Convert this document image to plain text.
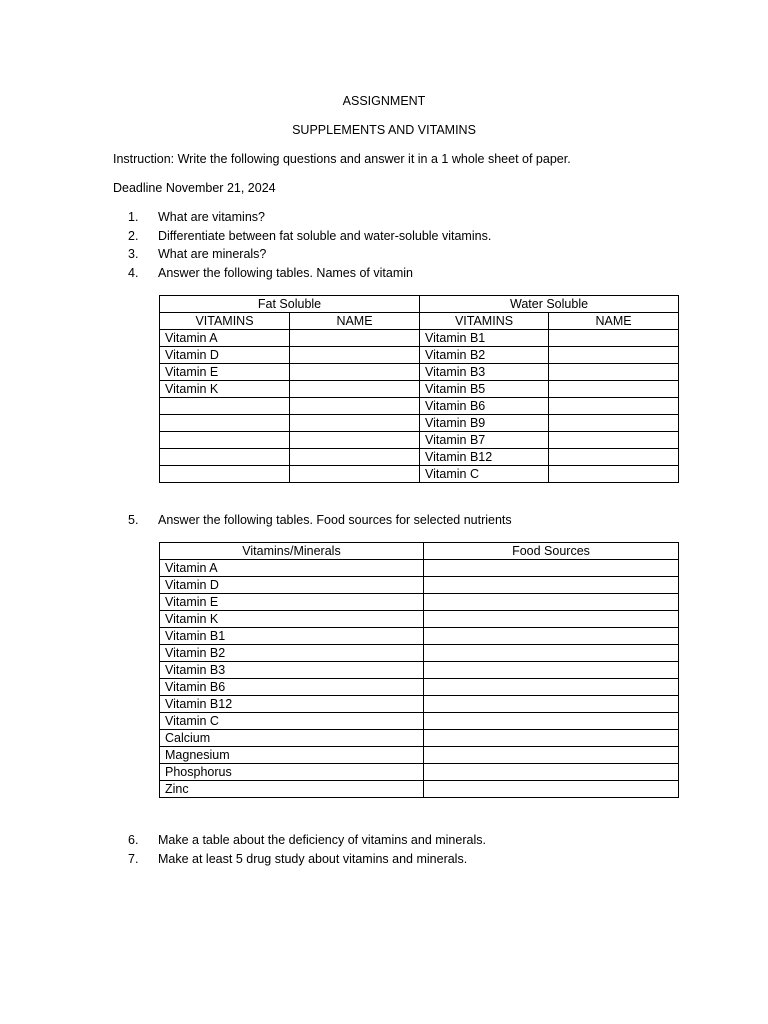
ASSIGNMENT
SUPPLEMENTS AND VITAMINS
Instruction: Write the following questions and answer it in a 1 whole sheet of paper.
Deadline November 21, 2024
1. What are vitamins?
2. Differentiate between fat soluble and water-soluble vitamins.
3. What are minerals?
4. Answer the following tables. Names of vitamin
Fat Soluble		Water Soluble	
VITAMINS	NAME	VITAMINS	NAME
Vitamin A		Vitamin B1	
Vitamin D		Vitamin B2	
Vitamin E		Vitamin B3	
Vitamin K		Vitamin B5	
		Vitamin B6	
		Vitamin B9	
		Vitamin B7	
		Vitamin B12	
		Vitamin C	
5. Answer the following tables. Food sources for selected nutrients
Vitamins/Minerals	Food Sources
Vitamin A	
Vitamin D	
Vitamin E	
Vitamin K	
Vitamin B1	
Vitamin B2	
Vitamin B3	
Vitamin B6	
Vitamin B12	
Vitamin C	
Calcium	
Magnesium	
Phosphorus	
Zinc	
6. Make a table about the deficiency of vitamins and minerals.
7. Make at least 5 drug study about vitamins and minerals.
